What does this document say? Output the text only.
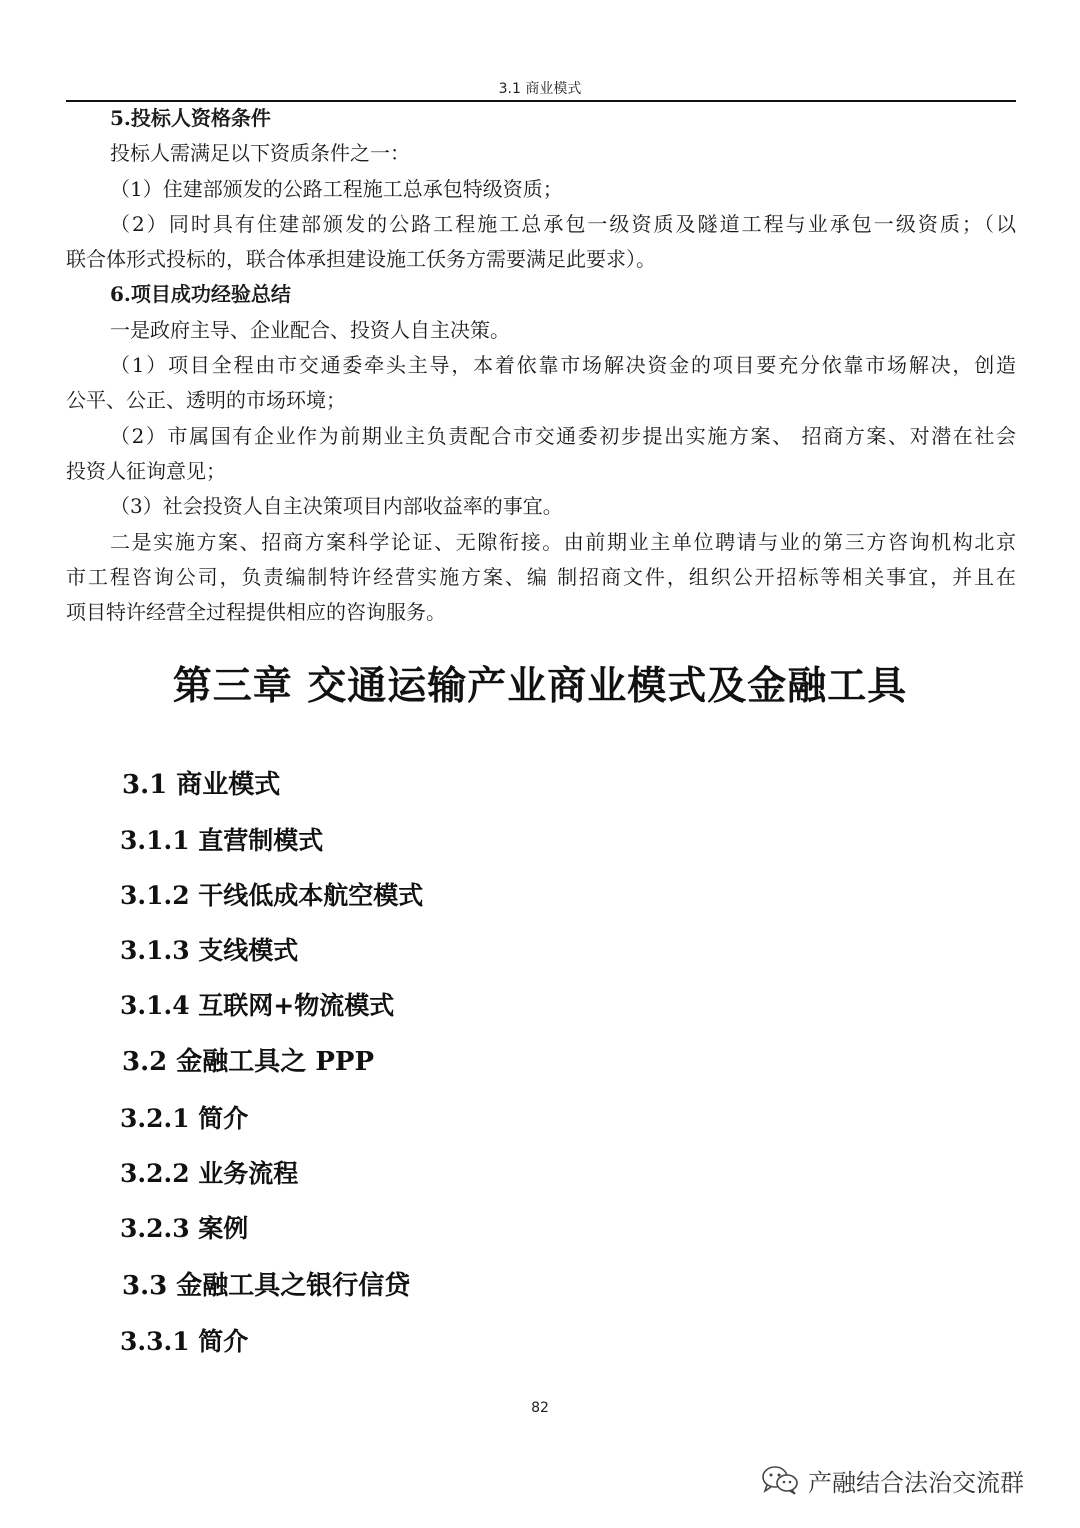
3.1 商业模式
5.投标人资格条件
投标人需满足以下资质条件之一：
（1）住建部颁发的公路工程施工总承包特级资质；
（2）同时具有住建部颁发的公路工程施工总承包一级资质及隧道工程与业承包一级资质；（以
联合体形式投标的，联合体承担建设施工仸务方需要满足此要求）。
6.项目成功经验总结
一是政府主导、企业配合、投资人自主决策。
（1）项目全程由市交通委牵头主导，本着依靠市场解决资金的项目要充分依靠市场解决，创造
公平、公正、透明的市场环境；
（2）市属国有企业作为前期业主负责配合市交通委初步提出实施方案、 招商方案、对潜在社会
投资人征询意见；
（3）社会投资人自主决策项目内部收益率的事宜。
二是实施方案、招商方案科学论证、无隙衔接。由前期业主单位聘请与业的第三方咨询机构北京
市工程咨询公司，负责编制特许经营实施方案、编 制招商文件，组织公开招标等相关事宜，并且在
项目特许经营全过程提供相应的咨询服务。
第三章 交通运输产业商业模式及金融工具
3.1 商业模式
3.1.1 直营制模式
3.1.2 干线低成本航空模式
3.1.3 支线模式
3.1.4 互联网+物流模式
3.2 金融工具之 PPP
3.2.1 简介
3.2.2 业务流程
3.2.3 案例
3.3 金融工具之银行信贷
3.3.1 简介
82
产融结合法治交流群
